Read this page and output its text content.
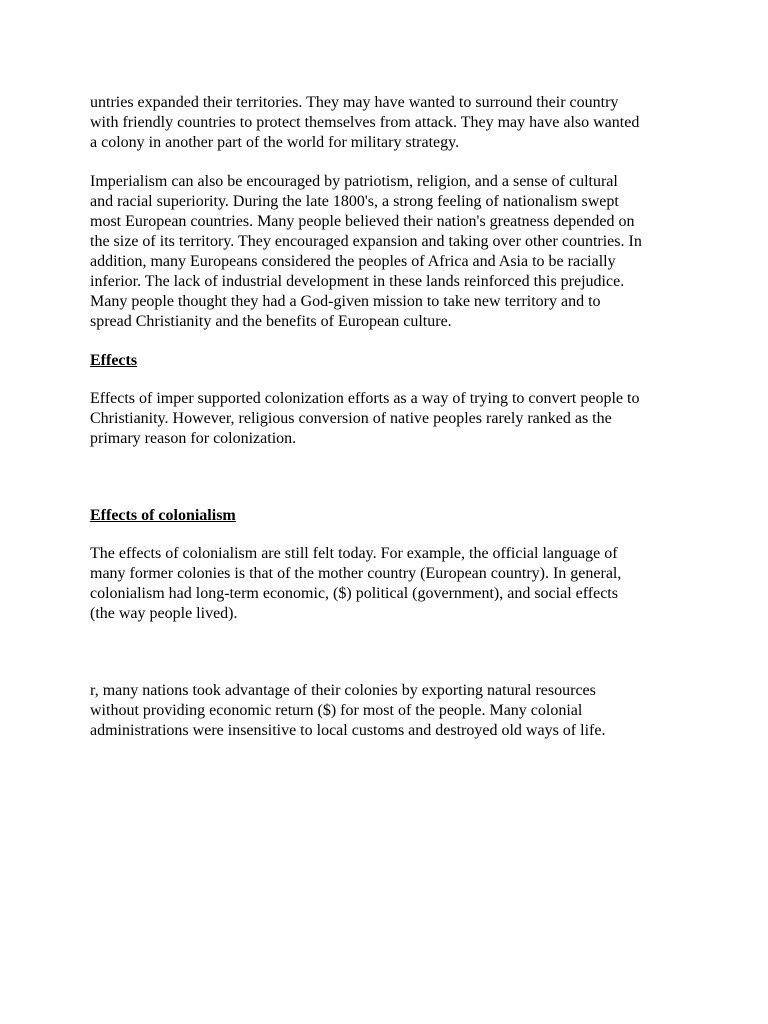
untries expanded their territories. They may have wanted to surround their country
with friendly countries to protect themselves from attack. They may have also wanted
a colony in another part of the world for military strategy.

Imperialism can also be encouraged by patriotism, religion, and a sense of cultural
and racial superiority. During the late 1800's, a strong feeling of nationalism swept
most European countries. Many people believed their nation's greatness depended on
the size of its territory. They encouraged expansion and taking over other countries. In
addition, many Europeans considered the peoples of Africa and Asia to be racially
inferior. The lack of industrial development in these lands reinforced this prejudice.
Many people thought they had a God-given mission to take new territory and to
spread Christianity and the benefits of European culture.

Effects

Effects of imper supported colonization efforts as a way of trying to convert people to
Christianity. However, religious conversion of native peoples rarely ranked as the
primary reason for colonization.

Effects of colonialism

The effects of colonialism are still felt today. For example, the official language of
many former colonies is that of the mother country (European country). In general,
colonialism had long-term economic, ($) political (government), and social effects
(the way people lived).

r, many nations took advantage of their colonies by exporting natural resources
without providing economic return ($) for most of the people. Many colonial
administrations were insensitive to local customs and destroyed old ways of life.
